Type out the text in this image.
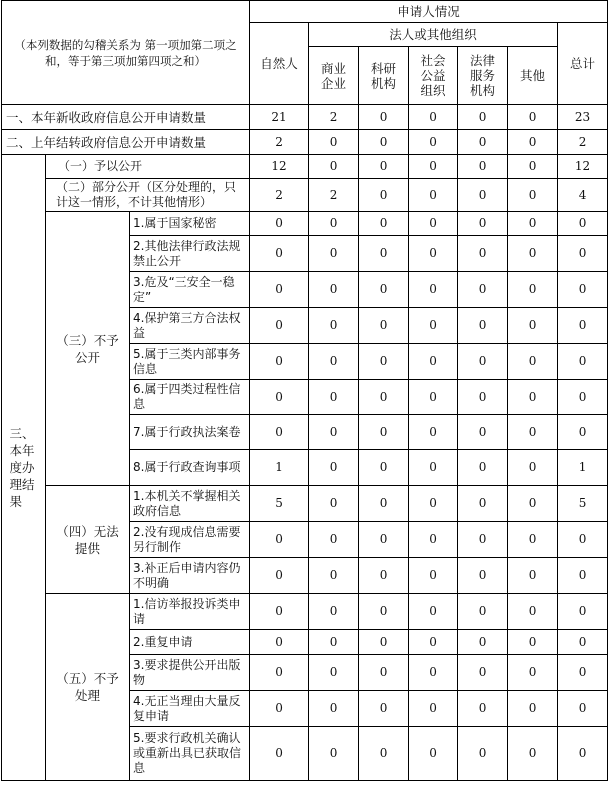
（本列数据的勾稽关系为 第一项加第二项之和，等于第三项加第四项之和）			申请人情况						
			自然人	法人或其他组织					总计
				商业企业	科研机构	社会公益组织	法律服务机构	其他	
一、本年新收政府信息公开申请数量			21	2	0	0	0	0	23
二、上年结转政府信息公开申请数量			2	0	0	0	0	0	2
三、本年度办理结果	（一）予以公开		12	0	0	0	0	0	12
	（二）部分公开（区分处理的，只计这一情形，不计其他情形）		2	2	0	0	0	0	4
	（三）不予公开	1.属于国家秘密	0	0	0	0	0	0	0
		2.其他法律行政法规禁止公开	0	0	0	0	0	0	0
		3.危及“三安全一稳定”	0	0	0	0	0	0	0
		4.保护第三方合法权益	0	0	0	0	0	0	0
		5.属于三类内部事务信息	0	0	0	0	0	0	0
		6.属于四类过程性信息	0	0	0	0	0	0	0
		7.属于行政执法案卷	0	0	0	0	0	0	0
		8.属于行政查询事项	1	0	0	0	0	0	1
	（四）无法提供	1.本机关不掌握相关政府信息	5	0	0	0	0	0	5
		2.没有现成信息需要另行制作	0	0	0	0	0	0	0
		3.补正后申请内容仍不明确	0	0	0	0	0	0	0
	（五）不予处理	1.信访举报投诉类申请	0	0	0	0	0	0	0
		2.重复申请	0	0	0	0	0	0	0
		3.要求提供公开出版物	0	0	0	0	0	0	0
		4.无正当理由大量反复申请	0	0	0	0	0	0	0
		5.要求行政机关确认或重新出具已获取信息	0	0	0	0	0	0	0
